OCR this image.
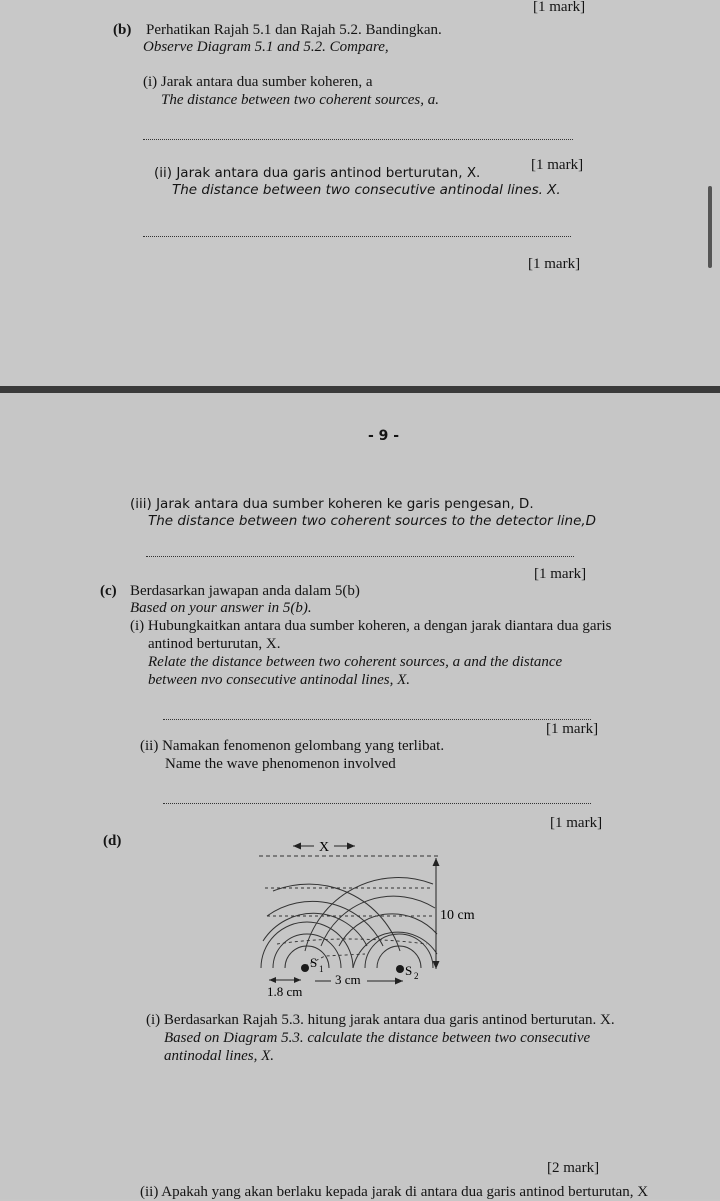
[1 mark]
(b) Perhatikan Rajah 5.1 dan Rajah 5.2. Bandingkan.
Observe Diagram 5.1 and 5.2. Compare,
(i) Jarak antara dua sumber koheren, a
The distance between two coherent sources, a.
(ii) Jarak antara dua garis antinod berturutan, X.	[1 mark]
The distance between two consecutive antinodal lines. X.
[1 mark]
- 9 -
(iii) Jarak antara dua sumber koheren ke garis pengesan, D.
The distance between two coherent sources to the detector line,D
[1 mark]
(c) Berdasarkan jawapan anda dalam 5(b)
Based on your answer in 5(b).
(i) Hubungkaitkan antara dua sumber koheren, a dengan jarak diantara dua garis
antinod berturutan, X.
Relate the distance between two coherent sources, a and the distance
between nvo consecutive antinodal lines, X.
[1 mark]
(ii) Namakan fenomenon gelombang yang terlibat.
Name the wave phenomenon involved
[1 mark]
(d)	X
10 cm
S 1	S 2
3 cm
1.8 cm
(i) Berdasarkan Rajah 5.3. hitung jarak antara dua garis antinod berturutan. X.
Based on Diagram 5.3. calculate the distance between two consecutive
antinodal lines, X.
[2 mark]
(ii) Apakah yang akan berlaku kepada jarak di antara dua garis antinod berturutan, X
